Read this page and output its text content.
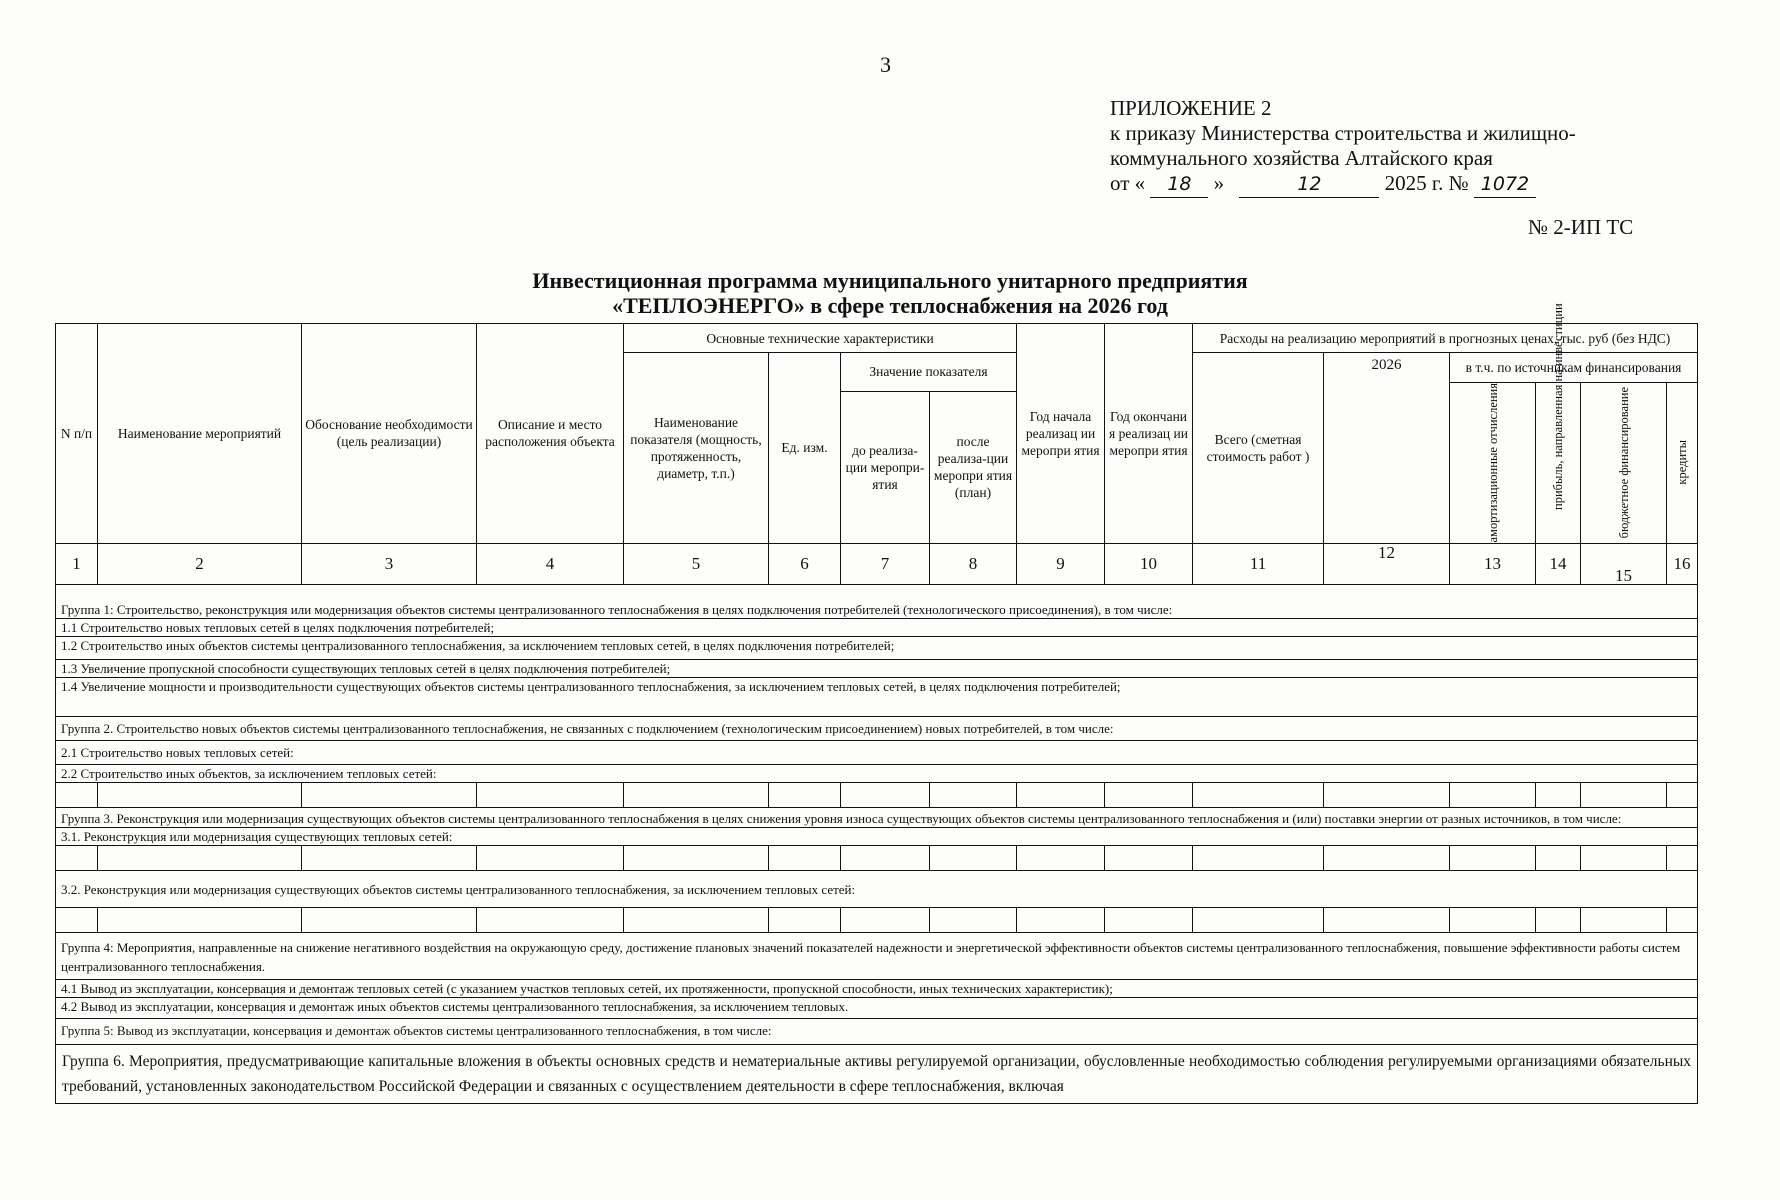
3
ПРИЛОЖЕНИЕ 2
к приказу Министерства строительства и жилищно-
коммунального хозяйства Алтайского края
от « 18 »	12	2025 г. № 1072
№ 2-ИП ТС
Инвестиционная программа муниципального унитарного предприятия
«ТЕПЛОЭНЕРГО» в сфере теплоснабжения на 2026 год
N п/п	Наименование мероприятий	Обоснование необходимости (цель реализации)	Описание и место расположения объекта	Основные технические характеристики				Год начала реализац ии меропри ятия	Год окончани я реализац ии меропри ятия	Расходы на реализацию мероприятий в прогнозных ценах, тыс. руб (без НДС)					
				Наименование показателя (мощность, протяженность, диаметр, т.п.)	Ед. изм.	Значение показателя				Всего (сметная стоимость работ )	2026	в т.ч. по источникам финансирования			

												амортизационные отчисления	прибыль, направленная на инвестиции	бюджетное финансирование	кредиты

						до реализа-ции меропри-ятия	после реализа-ции меропри ятия (план)								
1	2	3	4	5	6	7	8	9	10	11	12	13	14	15	16

Группа 1: Строительство, реконструкция или модернизация объектов системы централизованного теплоснабжения в целях подключения потребителей (технологического присоединения), в том числе:															
1.1 Строительство новых тепловых сетей в целях подключения потребителей;															
1.2 Строительство иных объектов системы централизованного теплоснабжения, за исключением тепловых сетей, в целях подключения потребителей;															
1.3 Увеличение пропускной способности существующих тепловых сетей в целях подключения потребителей;															
1.4 Увеличение мощности и производительности существующих объектов системы централизованного теплоснабжения, за исключением тепловых сетей, в целях подключения потребителей;															
Группа 2. Строительство новых объектов системы централизованного теплоснабжения, не связанных с подключением (технологическим присоединением) новых потребителей, в том числе:															
2.1 Строительство новых тепловых сетей:															
2.2 Строительство иных объектов, за исключением тепловых сетей:															

Группа 3. Реконструкция или модернизация существующих объектов системы централизованного теплоснабжения в целях снижения уровня износа существующих объектов системы централизованного теплоснабжения и (или) поставки энергии от разных источников, в том числе:															
3.1. Реконструкция или модернизация существующих тепловых сетей:															

3.2. Реконструкция или модернизация существующих объектов системы централизованного теплоснабжения, за исключением тепловых сетей:															

Группа 4: Мероприятия, направленные на снижение негативного воздействия на окружающую среду, достижение плановых значений показателей надежности и энергетической эффективности объектов системы централизованного теплоснабжения, повышение эффективности работы систем централизованного теплоснабжения.															
4.1 Вывод из эксплуатации, консервация и демонтаж тепловых сетей (с указанием участков тепловых сетей, их протяженности, пропускной способности, иных технических характеристик);															
4.2 Вывод из эксплуатации, консервация и демонтаж иных объектов системы централизованного теплоснабжения, за исключением тепловых.															
Группа 5: Вывод из эксплуатации, консервация и демонтаж объектов системы централизованного теплоснабжения, в том числе:															
Группа 6. Мероприятия, предусматривающие капитальные вложения в объекты основных средств и нематериальные активы регулируемой организации, обусловленные необходимостью соблюдения регулируемыми организациями обязательных требований, установленных законодательством Российской Федерации и связанных с осуществлением деятельности в сфере теплоснабжения, включая															
